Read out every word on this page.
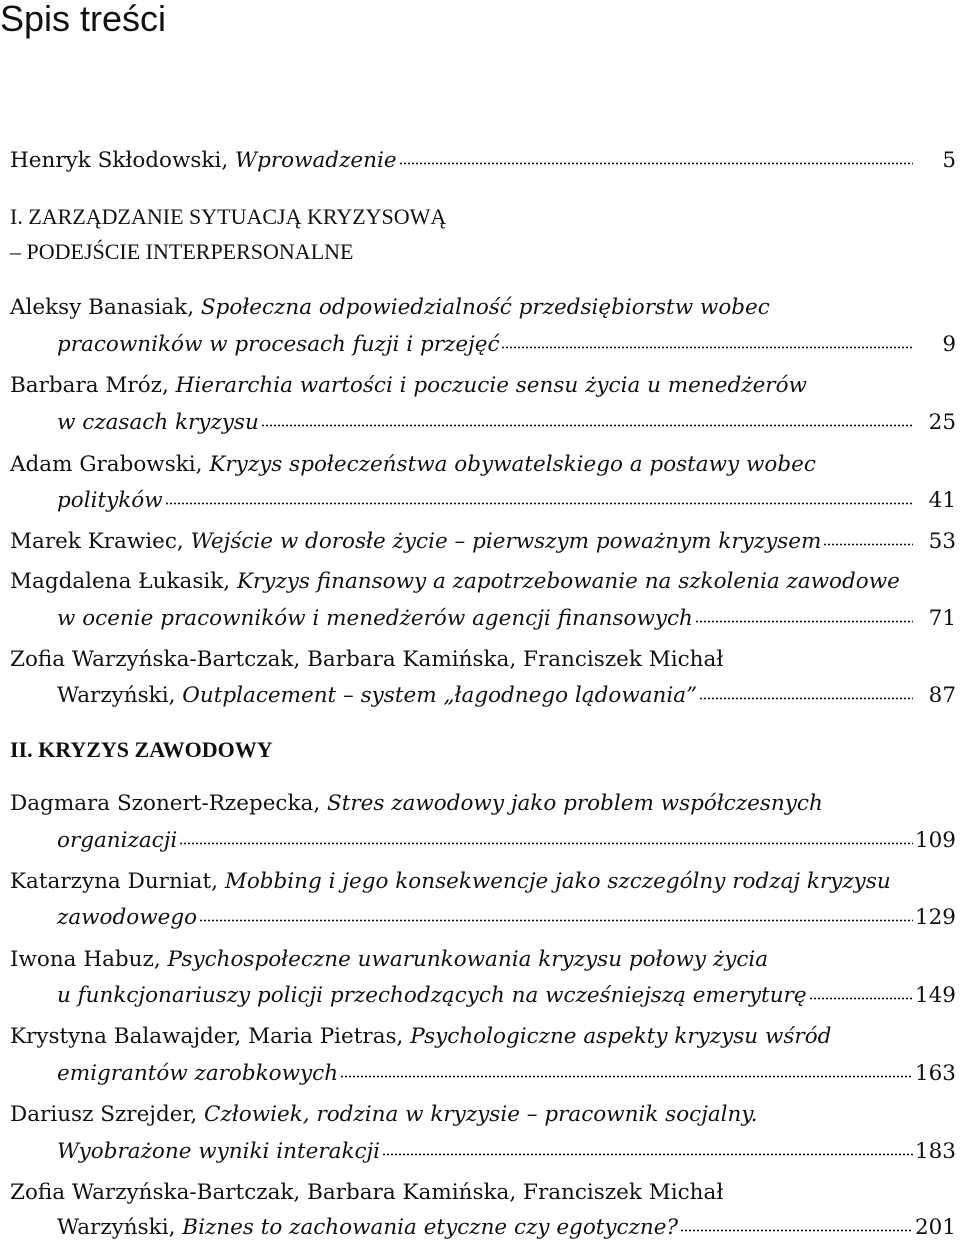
Spis treści
Henryk Skłodowski, Wprowadzenie	5
I. ZARZĄDZANIE SYTUACJĄ KRYZYSOWĄ
– PODEJŚCIE INTERPERSONALNE
Aleksy Banasiak, Społeczna odpowiedzialność przedsiębiorstw wobec
pracowników w procesach fuzji i przejęć	9
Barbara Mróz, Hierarchia wartości i poczucie sensu życia u menedżerów
w czasach kryzysu	25
Adam Grabowski, Kryzys społeczeństwa obywatelskiego a postawy wobec
polityków	41
Marek Krawiec, Wejście w dorosłe życie – pierwszym poważnym kryzysem	53
Magdalena Łukasik, Kryzys finansowy a zapotrzebowanie na szkolenia zawodowe
w ocenie pracowników i menedżerów agencji finansowych	71
Zofia Warzyńska-Bartczak, Barbara Kamińska, Franciszek Michał
Warzyński, Outplacement – system „łagodnego lądowania”	87
II. KRYZYS ZAWODOWY
Dagmara Szonert-Rzepecka, Stres zawodowy jako problem współczesnych
organizacji	109
Katarzyna Durniat, Mobbing i jego konsekwencje jako szczególny rodzaj kryzysu
zawodowego	129
Iwona Habuz, Psychospołeczne uwarunkowania kryzysu połowy życia
u funkcjonariuszy policji przechodzących na wcześniejszą emeryturę	149
Krystyna Balawajder, Maria Pietras, Psychologiczne aspekty kryzysu wśród
emigrantów zarobkowych	163
Dariusz Szrejder, Człowiek, rodzina w kryzysie – pracownik socjalny.
Wyobrażone wyniki interakcji	183
Zofia Warzyńska-Bartczak, Barbara Kamińska, Franciszek Michał
Warzyński, Biznes to zachowania etyczne czy egotyczne?	201
